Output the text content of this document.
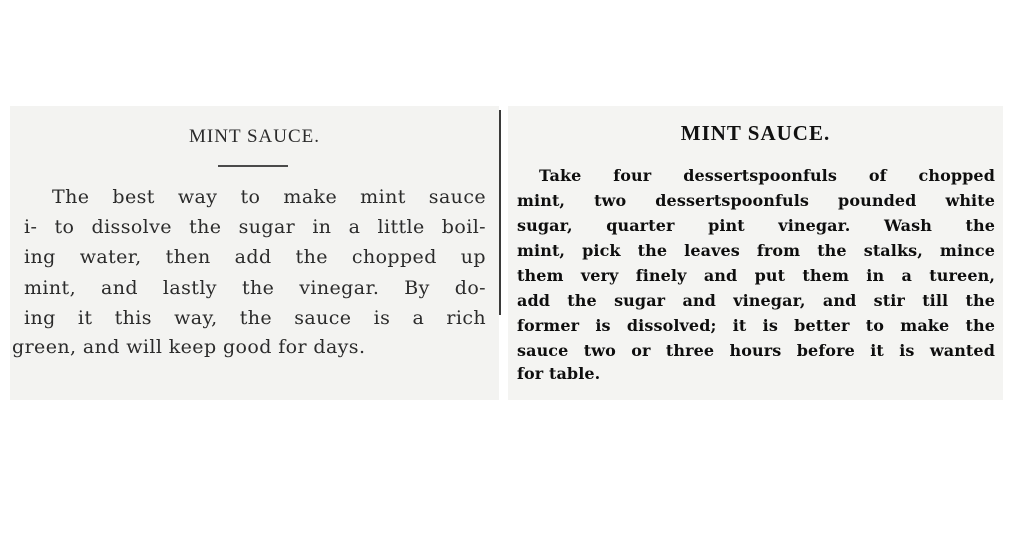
MINT SAUCE.
The best way to make mint sauce
i- to dissolve the sugar in a little boil-
ing water, then add the chopped up
mint, and lastly the vinegar. By do-
ing it this way, the sauce is a rich
green, and will keep good for days.
MINT SAUCE.
Take four dessertspoonfuls of chopped
mint, two dessertspoonfuls pounded white
sugar, quarter pint vinegar. Wash the
mint, pick the leaves from the stalks, mince
them very finely and put them in a tureen,
add the sugar and vinegar, and stir till the
former is dissolved; it is better to make the
sauce two or three hours before it is wanted
for table.
